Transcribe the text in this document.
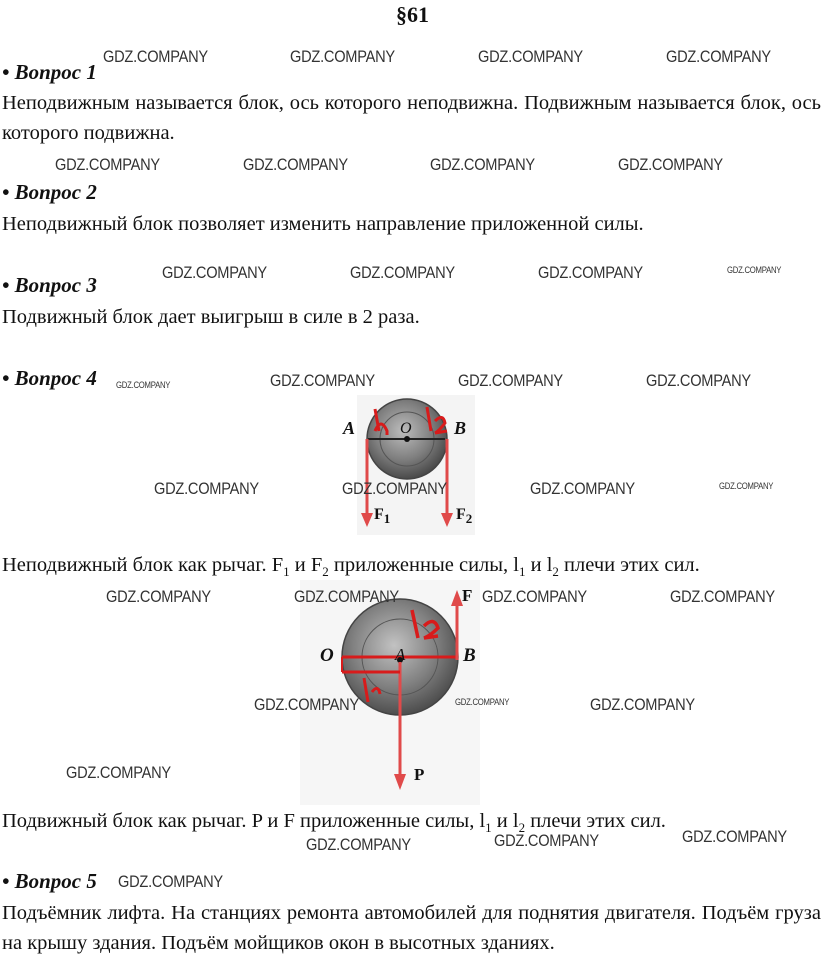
§61
• Вопрос 1
Неподвижным называется блок, ось которого неподвижна. Подвижным называется блок, ось которого подвижна.
• Вопрос 2
Неподвижный блок позволяет изменить направление приложенной силы.
• Вопрос 3
Подвижный блок дает выигрыш в силе в 2 раза.
• Вопрос 4
A	O B
$F_1$	$F_2$
Неподвижный блок как рычаг. $F_1$ и $F_2$ приложенные силы, $l_1$ и $l_2$ плечи этих сил.
O	A	B
F
P
Подвижный блок как рычаг. P и F приложенные силы, $l_1$ и $l_2$ плечи этих сил.
• Вопрос 5
Подъёмник лифта. На станциях ремонта автомобилей для поднятия двигателя. Подъём груза на крышу здания. Подъём мойщиков окон в высотных зданиях.
GDZ.COMPANY	GDZ.COMPANY	GDZ.COMPANY	GDZ.COMPANY
GDZ.COMPANY	GDZ.COMPANY	GDZ.COMPANY	GDZ.COMPANY
GDZ.COMPANY	GDZ.COMPANY	GDZ.COMPANY	GDZ.COMPANY
GDZ.COMPANY	GDZ.COMPANY	GDZ.COMPANY	GDZ.COMPANY
GDZ.COMPANY	GDZ.COMPANY	GDZ.COMPANY	GDZ.COMPANY
GDZ.COMPANY	GDZ.COMPANY	GDZ.COMPANY	GDZ.COMPANY
GDZ.COMPANY	GDZ.COMPANY	GDZ.COMPANY
GDZ.COMPANY
GDZ.COMPANY	GDZ.COMPANY	GDZ.COMPANY
GDZ.COMPANY
